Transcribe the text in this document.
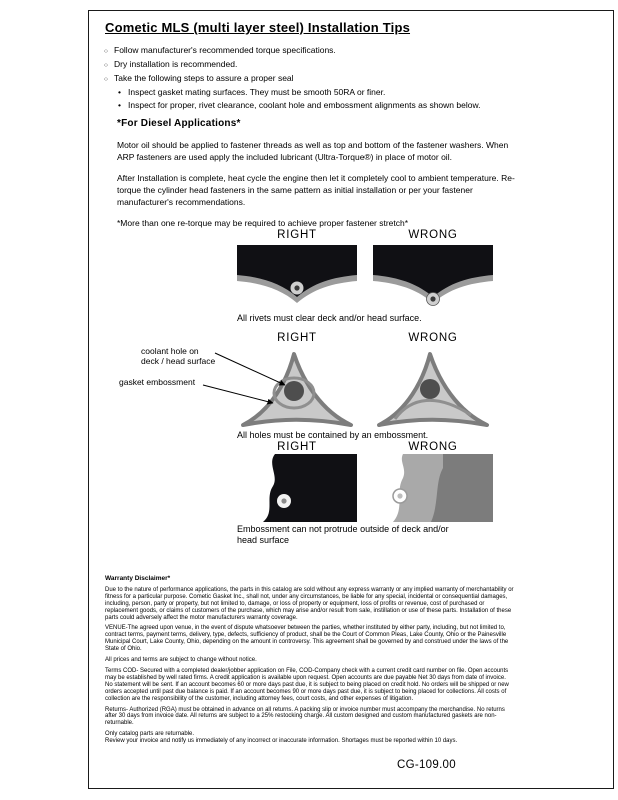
Cometic MLS (multi layer steel) Installation Tips
○ Follow manufacturer's recommended torque specifications.
○ Dry installation is recommended.
○ Take the following steps to assure a proper seal
• Inspect gasket mating surfaces. They must be smooth 50RA or finer.
• Inspect for proper, rivet clearance, coolant hole and embossment alignments as shown below.
*For Diesel Applications*

Motor oil should be applied to fastener threads as well as top and bottom of the fastener washers. When ARP fasteners are used apply the included lubricant (Ultra-Torque®) in place of motor oil.

After Installation is complete, heat cycle the engine then let it completely cool to ambient temperature. Re-torque the cylinder head fasteners in the same pattern as initial installation or per your fastener manufacturer's recommendations.

*More than one re-torque may be required to achieve proper fastener stretch*

RIGHT	WRONG
All rivets must clear deck and/or head surface.
RIGHT	WRONG
All holes must be contained by an embossment.
RIGHT	WRONG
Embossment can not protrude outside of deck and/or head surface
coolant hole on
deck / head surface
gasket embossment
Warranty Disclaimer*

Due to the nature of performance applications, the parts in this catalog are sold without any express warranty or any implied warranty of merchantability or fitness for a particular purpose. Cometic Gasket Inc., shall not, under any circumstances, be liable for any special, incidental or consequential damages, including, person, party or property, but not limited to, damage, or loss of property or equipment, loss of profits or revenue, cost of purchased or replacement goods, or claims of customers of the purchase, which may arise and/or result from sale, instillation or use of these parts. Installation of these parts could adversely affect the motor manufacturers warranty coverage.

VENUE-The agreed upon venue, in the event of dispute whatsoever between the parties, whether instituted by either party, including, but not limited to, contract terms, payment terms, delivery, type, defects, sufficiency of product, shall be the Court of Common Pleas, Lake County, Ohio or the Painesville Municipal Court, Lake County, Ohio, depending on the amount in controversy. This agreement shall be governed by and construed under the laws of the State of Ohio.

All prices and terms are subject to change without notice.

Terms COD- Secured with a completed dealer/jobber application on File, COD-Company check with a current credit card number on file. Open accounts may be established by well rated firms. A credit application is available upon request. Open accounts are due payable Net 30 days from date of invoice. No statement will be sent. If an account becomes 60 or more days past due, it is subject to being placed on credit hold. No orders will be shipped or new orders accepted until past due balance is paid. If an account becomes 90 or more days past due, it is subject to being placed for collections. All costs of collection are the responsibility of the customer, including attorney fees, court costs, and other expenses of litigation.

Returns- Authorized (RGA) must be obtained in advance on all returns. A packing slip or invoice number must accompany the merchandise. No returns after 30 days from invoice date. All returns are subject to a 25% restocking charge. All custom designed and custom manufactured gaskets are non-returnable.

Only catalog parts are returnable.

Review your invoice and notify us immediately of any incorrect or inaccurate information. Shortages must be reported within 10 days.

CG-109.00
